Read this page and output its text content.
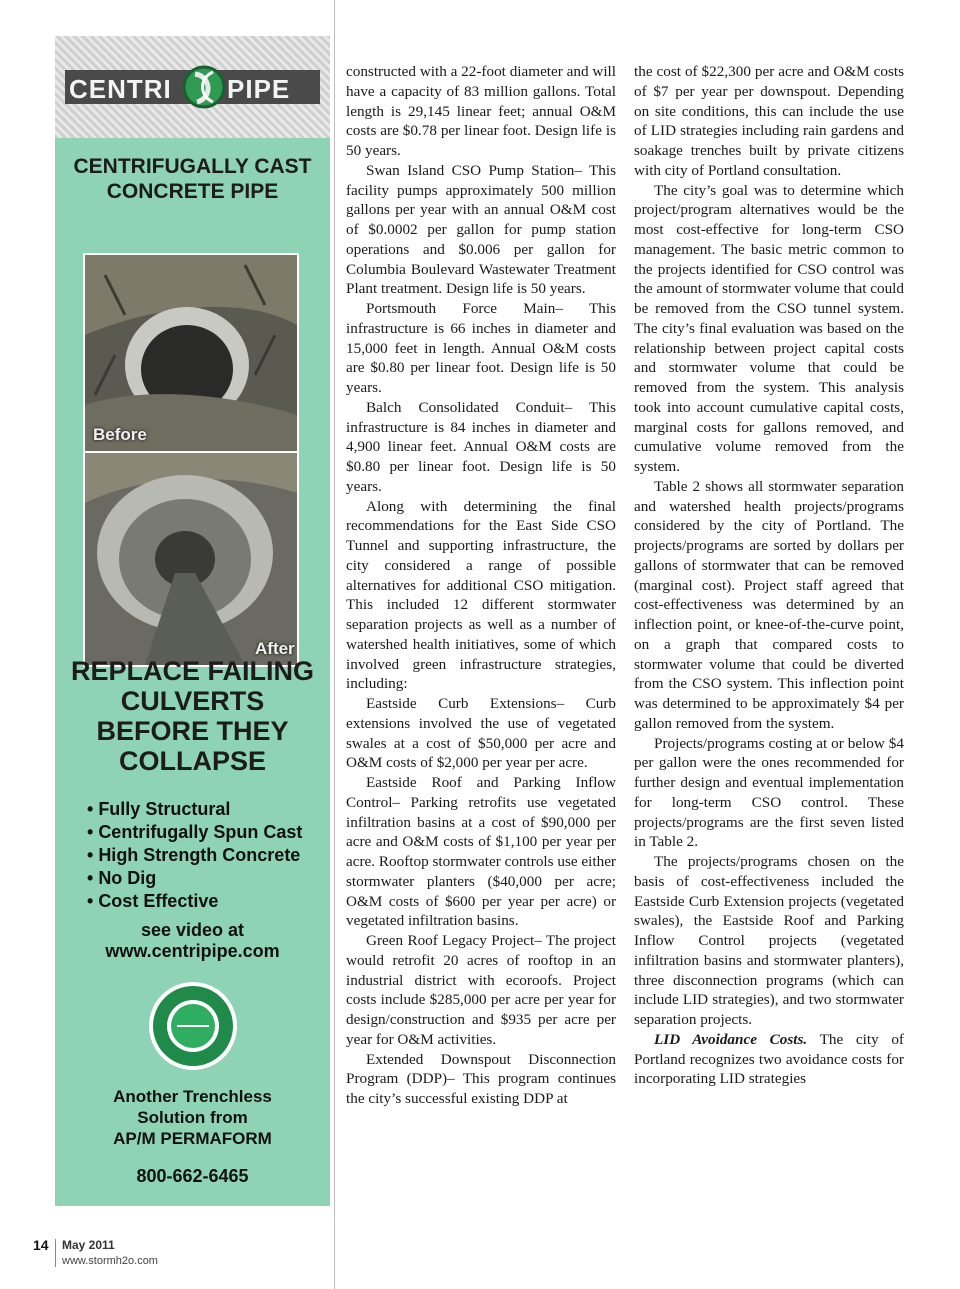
CENTRI PIPE
CENTRIFUGALLY CAST
CONCRETE PIPE
Before
After
REPLACE FAILING
CULVERTS
BEFORE THEY
COLLAPSE
• Fully Structural
• Centrifugally Spun Cast
• High Strength Concrete
• No Dig
• Cost Effective
see video at
www.centripipe.com
Another Trenchless
Solution from
AP/M PERMAFORM
800-662-6465

constructed with a 22-foot diameter and will have a capacity of 83 million gallons. Total length is 29,145 linear feet; annual O&M costs are $0.78 per linear foot. Design life is 50 years.

Swan Island CSO Pump Station– This facility pumps approximately 500 million gallons per year with an annual O&M cost of $0.0002 per gallon for pump station operations and $0.006 per gallon for Columbia Boulevard Wastewater Treatment Plant treatment. Design life is 50 years.

Portsmouth Force Main– This infrastructure is 66 inches in diameter and 15,000 feet in length. Annual O&M costs are $0.80 per linear foot. Design life is 50 years.

Balch Consolidated Conduit– This infrastructure is 84 inches in diameter and 4,900 linear feet. Annual O&M costs are $0.80 per linear foot. Design life is 50 years.

Along with determining the final recommendations for the East Side CSO Tunnel and supporting infrastructure, the city considered a range of possible alternatives for additional CSO mitigation. This included 12 different stormwater separation projects as well as a number of watershed health initiatives, some of which involved green infrastructure strategies, including:

Eastside Curb Extensions– Curb extensions involved the use of vegetated swales at a cost of $50,000 per acre and O&M costs of $2,000 per year per acre.

Eastside Roof and Parking Inflow Control– Parking retrofits use vegetated infiltration basins at a cost of $90,000 per acre and O&M costs of $1,100 per year per acre. Rooftop stormwater controls use either stormwater planters ($40,000 per acre; O&M costs of $600 per year per acre) or vegetated infiltration basins.

Green Roof Legacy Project– The project would retrofit 20 acres of rooftop in an industrial district with ecoroofs. Project costs include $285,000 per acre per year for design/construction and $935 per acre per year for O&M activities.

Extended Downspout Disconnection Program (DDP)– This program continues the city’s successful existing DDP at

the cost of $22,300 per acre and O&M costs of $7 per year per downspout. Depending on site conditions, this can include the use of LID strategies including rain gardens and soakage trenches built by private citizens with city of Portland consultation.

The city’s goal was to determine which project/program alternatives would be the most cost-effective for long-term CSO management. The basic metric common to the projects identified for CSO control was the amount of stormwater volume that could be removed from the CSO tunnel system. The city’s final evaluation was based on the relationship between project capital costs and stormwater volume that could be removed from the system. This analysis took into account cumulative capital costs, marginal costs for gallons removed, and cumulative volume removed from the system.

Table 2 shows all stormwater separation and watershed health projects/programs considered by the city of Portland. The projects/programs are sorted by dollars per gallons of stormwater that can be removed (marginal cost). Project staff agreed that cost-effectiveness was determined by an inflection point, or knee-of-the-curve point, on a graph that compared costs to stormwater volume that could be diverted from the CSO system. This inflection point was determined to be approximately $4 per gallon removed from the system.

Projects/programs costing at or below $4 per gallon were the ones recommended for further design and eventual implementation for long-term CSO control. These projects/programs are the first seven listed in Table 2.

The projects/programs chosen on the basis of cost-effectiveness included the Eastside Curb Extension projects (vegetated swales), the Eastside Roof and Parking Inflow Control projects (vegetated infiltration basins and stormwater planters), three disconnection programs (which can include LID strategies), and two stormwater separation projects.

LID Avoidance Costs. The city of Portland recognizes two avoidance costs for incorporating LID strategies

14 May 2011
www.stormh2o.com
